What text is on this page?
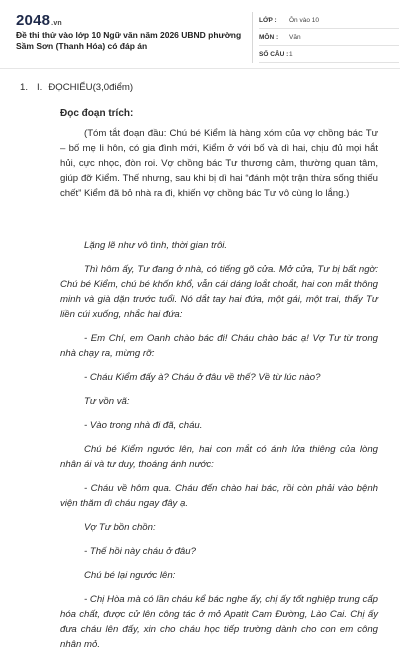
2048.vn
Đề thi thử vào lớp 10 Ngữ văn năm 2026 UBND phường Sầm Sơn (Thanh Hóa) có đáp án
LỚP :	Ôn vào 10
MÔN :	Văn
SỐ CÂU : 1
1. I. ĐỌCHIỂU(3,0điểm)
Đọc đoạn trích:

(Tóm tắt đoạn đầu: Chú bé Kiểm là hàng xóm của vợ chồng bác Tư – bố mẹ Ii hôn, có gia đình mới, Kiểm ở với bố và dì hai, chịu đủ mọi hắt hủi, cực nhọc, đòn roi. Vợ chồng bác Tư thương cảm, thường quan tâm, giúp đỡ Kiểm. Thế nhưng, sau khi bị dì hai “đánh một trận thừa sống thiếu chết” Kiểm đã bỏ nhà ra đi, khiến vợ chồng bác Tư vô cùng lo lắng.)

Lặng lẽ như vô tình, thời gian trôi.

Thì hôm ấy, Tư đang ở nhà, có tiếng gõ cửa. Mở cửa, Tư bị bất ngờ: Chú bé Kiểm, chú bé khốn khổ, vẫn cái dáng loắt choắt, hai con mắt thông minh và già dặn trước tuổi. Nó dắt tay hai đứa, một gái, một trai, thấy Tư liền cúi xuống, nhắc hai đứa:

- Em Chí, em Oanh chào bác đi! Cháu chào bác ạ! Vợ Tư từ trong nhà chạy ra, mừng rỡ:

- Cháu Kiểm đấy à? Cháu ở đâu về thế? Về từ lúc nào?

Tư vồn vã:

- Vào trong nhà đi đã, cháu.

Chú bé Kiểm ngước lên, hai con mắt có ánh lửa thiêng của lòng nhân ái và tư duy, thoáng ánh nước:

- Cháu về hôm qua. Cháu đến chào hai bác, rồi còn phải vào bệnh viện thăm dì cháu ngay đây ạ.

Vợ Tư bồn chồn:

- Thế hồi này cháu ở đâu?

Chú bé lại ngước lên:

- Chị Hòa mà có lần cháu kể bác nghe ấy, chị ấy tốt nghiệp trung cấp hóa chất, được cử lên công tác ở mỏ Apatit Cam Đường, Lào Cai. Chị ấy đưa cháu lên đấy, xin cho cháu học tiếp trường dành cho con em công nhân mỏ.
